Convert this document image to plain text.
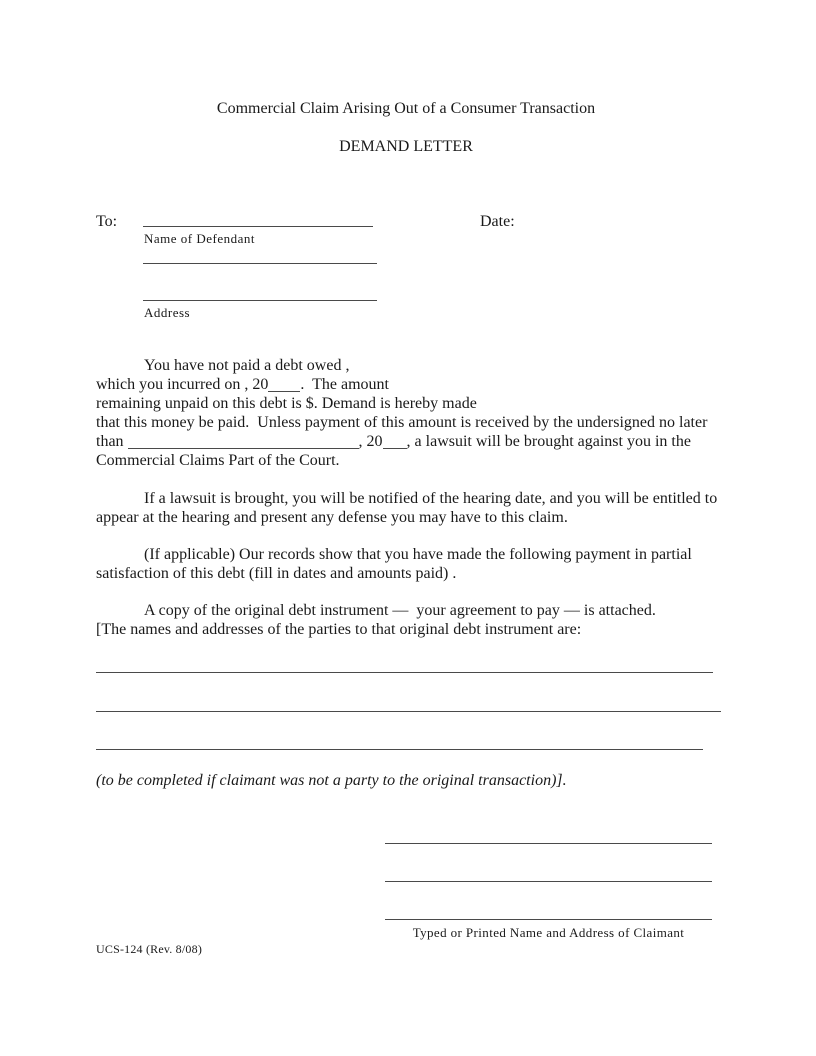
Commercial Claim Arising Out of a Consumer Transaction
DEMAND LETTER
To:	Date:
Name of Defendant
Address
You have not paid a debt owed ,
which you incurred on , 20 .  The amount
remaining unpaid on this debt is $ . Demand is hereby made
that this money be paid.  Unless payment of this amount is received by the undersigned no later
than	, 20 , a lawsuit will be brought against you in the
Commercial Claims Part of the Court.
If a lawsuit is brought, you will be notified of the hearing date, and you will be entitled to
appear at the hearing and present any defense you may have to this claim.
(If applicable) Our records show that you have made the following payment in partial
satisfaction of this debt (fill in dates and amounts paid) .
A copy of the original debt instrument —  your agreement to pay — is attached.
[The names and addresses of the parties to that original debt instrument are:
(to be completed if claimant was not a party to the original transaction)].
Typed or Printed Name and Address of Claimant
UCS-124 (Rev. 8/08)
